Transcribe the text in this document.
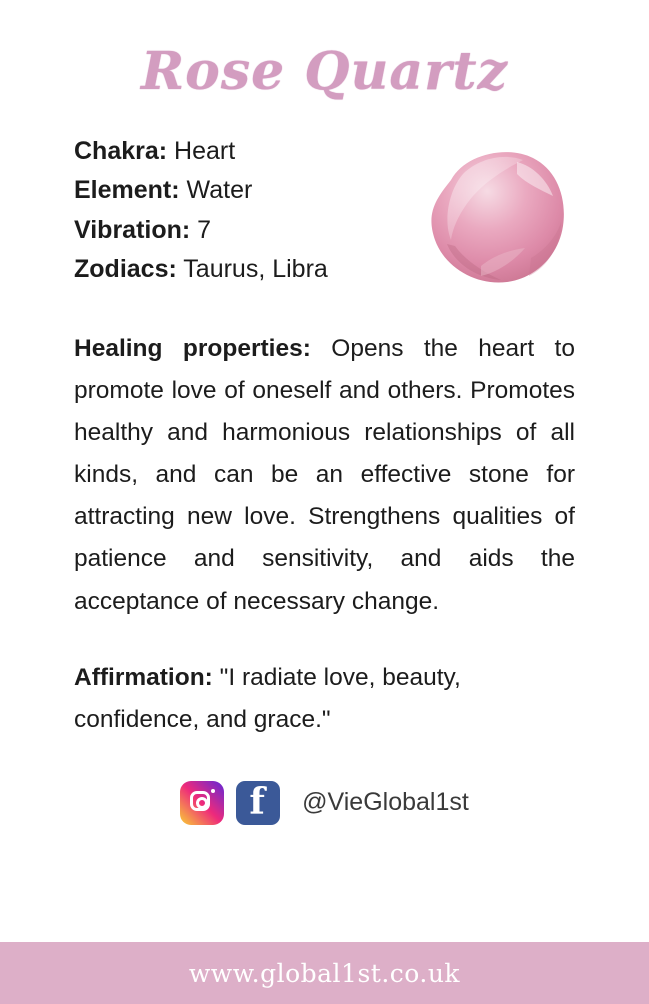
Rose Quartz
Chakra: Heart
Element: Water
Vibration: 7
Zodiacs: Taurus, Libra
Healing properties: Opens the heart to promote love of oneself and others. Promotes healthy and harmonious relationships of all kinds, and can be an effective stone for attracting new love. Strengthens qualities of patience and sensitivity, and aids the acceptance of necessary change.
Affirmation: "I radiate love, beauty, confidence, and grace."
f	@VieGlobal1st
www.global1st.co.uk
